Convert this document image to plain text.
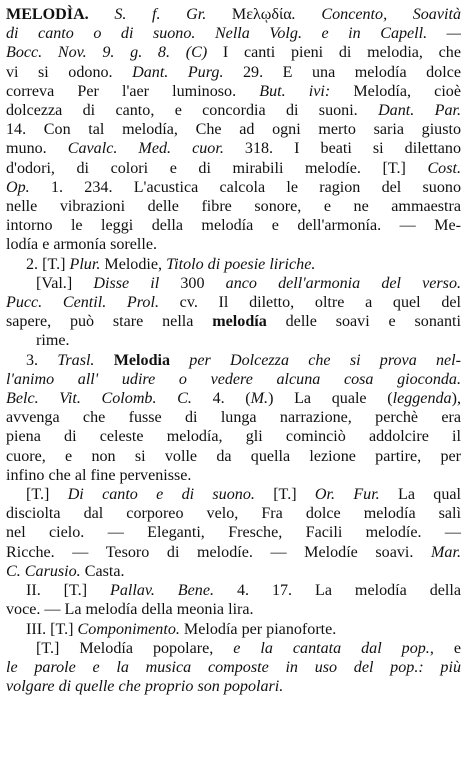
MELODÌA. S. f. Gr. Μελῳδία. Concento, Soavità
di canto o di suono. Nella Volg. e in Capell. —
Bocc. Nov. 9. g. 8. (C) I canti pieni di melodia, che
vi si odono. Dant. Purg. 29. E una melodía dolce
correva Per l'aer luminoso. But. ivi: Melodía, cioè
dolcezza di canto, e concordia di suoni. Dant. Par.
14. Con tal melodía, Che ad ogni merto saria giusto
muno. Cavalc. Med. cuor. 318. I beati si dilettano
d'odori, di colori e di mirabili melodíe. [T.] Cost.
Op. 1. 234. L'acustica calcola le ragion del suono
nelle vibrazioni delle fibre sonore, e ne ammaestra
intorno le leggi della melodía e dell'armonía. — Me-
lodía e armonía sorelle.
2. [T.] Plur. Melodie, Titolo di poesie liriche.
[Val.] Disse il 300 anco dell'armonia del verso.
Pucc. Centil. Prol. cv. Il diletto, oltre a quel del
sapere, può stare nella melodía delle soavi e sonanti
rime.
3. Trasl. Melodia per Dolcezza che si prova nel-
l'animo all' udire o vedere alcuna cosa gioconda.
Belc. Vit. Colomb. C. 4. (M.) La quale (leggenda),
avvenga che fusse di lunga narrazione, perchè era
piena di celeste melodía, gli cominciò addolcire il
cuore, e non si volle da quella lezione partire, per
infino che al fine pervenisse.
[T.] Di canto e di suono. [T.] Or. Fur. La qual
disciolta dal corporeo velo, Fra dolce melodía salì
nel cielo. — Eleganti, Fresche, Facili melodíe. —
Ricche. — Tesoro di melodíe. — Melodíe soavi. Mar.
C. Carusio. Casta.
II. [T.] Pallav. Bene. 4. 17. La melodía della
voce. — La melodía della meonia lira.
III. [T.] Componimento. Melodía per pianoforte.
[T.] Melodía popolare, e la cantata dal pop., e
le parole e la musica composte in uso del pop.: più
volgare di quelle che proprio son popolari.
